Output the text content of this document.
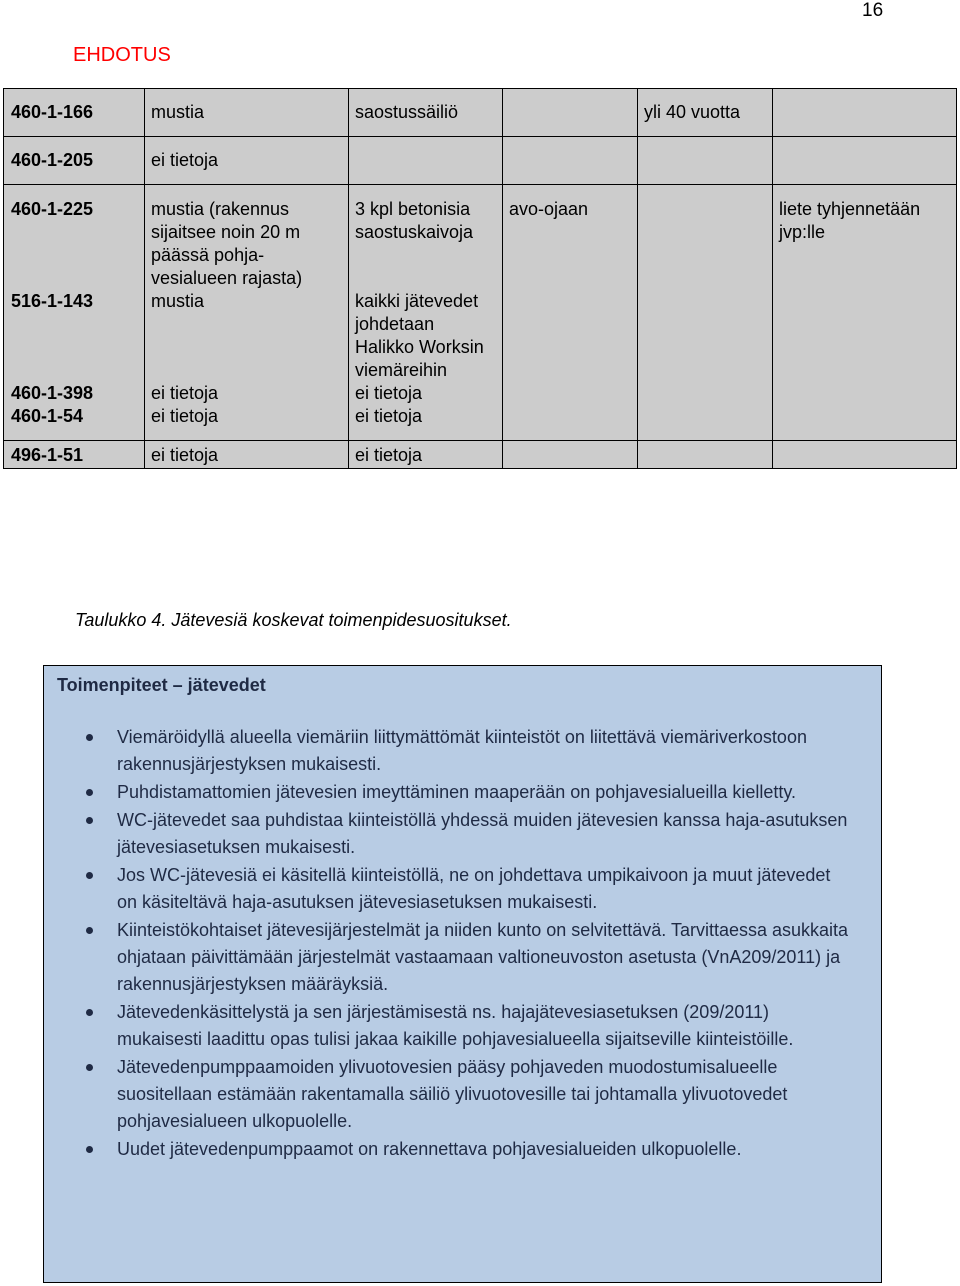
16
EHDOTUS
460-1-166	mustia	saostussäiliö		yli 40 vuotta	
460-1-205	ei tietoja				
460-1-225	mustia (rakennus sijaitsee noin 20 m päässä pohja-vesialueen rajasta)	3 kpl betonisia saostuskaivoja	avo-ojaan		liete tyhjennetään jvp:lle
516-1-143	mustia	kaikki jätevedet johdetaan Halikko Worksin viemäreihin			
460-1-398	ei tietoja	ei tietoja			
460-1-54	ei tietoja	ei tietoja			
496-1-51	ei tietoja	ei tietoja			
Taulukko 4. Jätevesiä koskevat toimenpidesuositukset.
Toimenpiteet – jätevedet
Viemäröidyllä alueella viemäriin liittymättömät kiinteistöt on liitettävä viemäriverkostoon rakennusjärjestyksen mukaisesti.
Puhdistamattomien jätevesien imeyttäminen maaperään on pohjavesialueilla kielletty.
WC-jätevedet saa puhdistaa kiinteistöllä yhdessä muiden jätevesien kanssa haja-asutuksen jätevesiasetuksen mukaisesti.
Jos WC-jätevesiä ei käsitellä kiinteistöllä, ne on johdettava umpikaivoon ja muut jätevedet on käsiteltävä haja-asutuksen jätevesiasetuksen mukaisesti.
Kiinteistökohtaiset jätevesijärjestelmät ja niiden kunto on selvitettävä. Tarvittaessa asukkaita ohjataan päivittämään järjestelmät vastaamaan valtioneuvoston asetusta (VnA209/2011) ja rakennusjärjestyksen määräyksiä.
Jätevedenkäsittelystä ja sen järjestämisestä ns. hajajätevesiasetuksen (209/2011) mukaisesti laadittu opas tulisi jakaa kaikille pohjavesialueella sijaitseville kiinteistöille.
Jätevedenpumppaamoiden ylivuotovesien pääsy pohjaveden muodostumisalueelle suositellaan estämään rakentamalla säiliö ylivuotovesille tai johtamalla ylivuotovedet pohjavesialueen ulkopuolelle.
Uudet jätevedenpumppaamot on rakennettava pohjavesialueiden ulkopuolelle.
